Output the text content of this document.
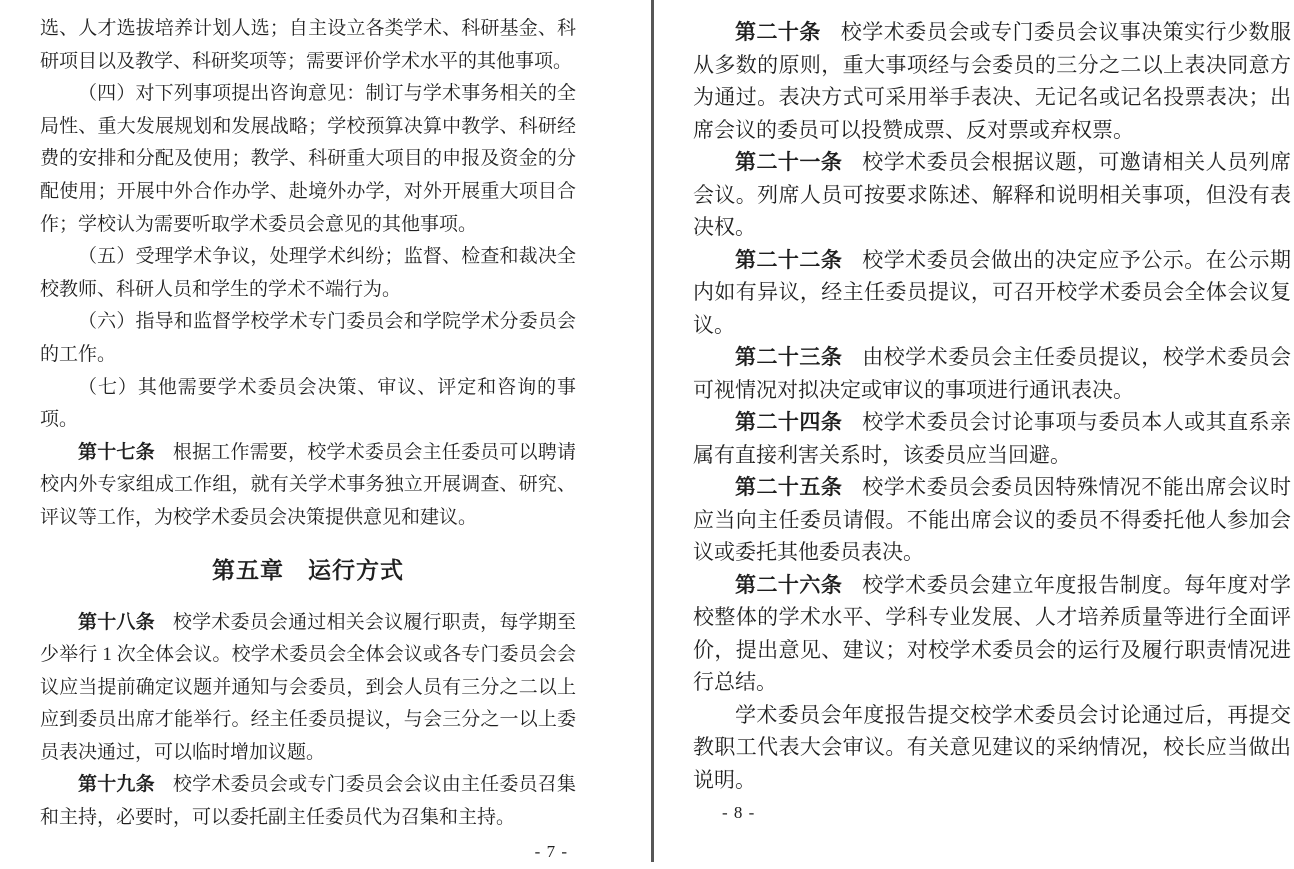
选、人才选拔培养计划人选；自主设立各类学术、科研基金、科研项目以及教学、科研奖项等；需要评价学术水平的其他事项。

（四）对下列事项提出咨询意见：制订与学术事务相关的全局性、重大发展规划和发展战略；学校预算决算中教学、科研经费的安排和分配及使用；教学、科研重大项目的申报及资金的分配使用；开展中外合作办学、赴境外办学，对外开展重大项目合作；学校认为需要听取学术委员会意见的其他事项。

（五）受理学术争议，处理学术纠纷；监督、检查和裁决全校教师、科研人员和学生的学术不端行为。

（六）指导和监督学校学术专门委员会和学院学术分委员会的工作。

（七）其他需要学术委员会决策、审议、评定和咨询的事项。

第十七条 根据工作需要，校学术委员会主任委员可以聘请校内外专家组成工作组，就有关学术事务独立开展调查、研究、评议等工作，为校学术委员会决策提供意见和建议。

第五章　运行方式

第十八条 校学术委员会通过相关会议履行职责，每学期至少举行 1 次全体会议。校学术委员会全体会议或各专门委员会会议应当提前确定议题并通知与会委员，到会人员有三分之二以上应到委员出席才能举行。经主任委员提议，与会三分之一以上委员表决通过，可以临时增加议题。

第十九条 校学术委员会或专门委员会会议由主任委员召集和主持，必要时，可以委托副主任委员代为召集和主持。

- 7 -

第二十条 校学术委员会或专门委员会议事决策实行少数服从多数的原则，重大事项经与会委员的三分之二以上表决同意方为通过。表决方式可采用举手表决、无记名或记名投票表决；出席会议的委员可以投赞成票、反对票或弃权票。

第二十一条 校学术委员会根据议题，可邀请相关人员列席会议。列席人员可按要求陈述、解释和说明相关事项，但没有表决权。

第二十二条 校学术委员会做出的决定应予公示。在公示期内如有异议，经主任委员提议，可召开校学术委员会全体会议复议。

第二十三条 由校学术委员会主任委员提议，校学术委员会可视情况对拟决定或审议的事项进行通讯表决。

第二十四条 校学术委员会讨论事项与委员本人或其直系亲属有直接利害关系时，该委员应当回避。

第二十五条 校学术委员会委员因特殊情况不能出席会议时应当向主任委员请假。不能出席会议的委员不得委托他人参加会议或委托其他委员表决。

第二十六条 校学术委员会建立年度报告制度。每年度对学校整体的学术水平、学科专业发展、人才培养质量等进行全面评价，提出意见、建议；对校学术委员会的运行及履行职责情况进行总结。

学术委员会年度报告提交校学术委员会讨论通过后，再提交教职工代表大会审议。有关意见建议的采纳情况，校长应当做出说明。

- 8 -
